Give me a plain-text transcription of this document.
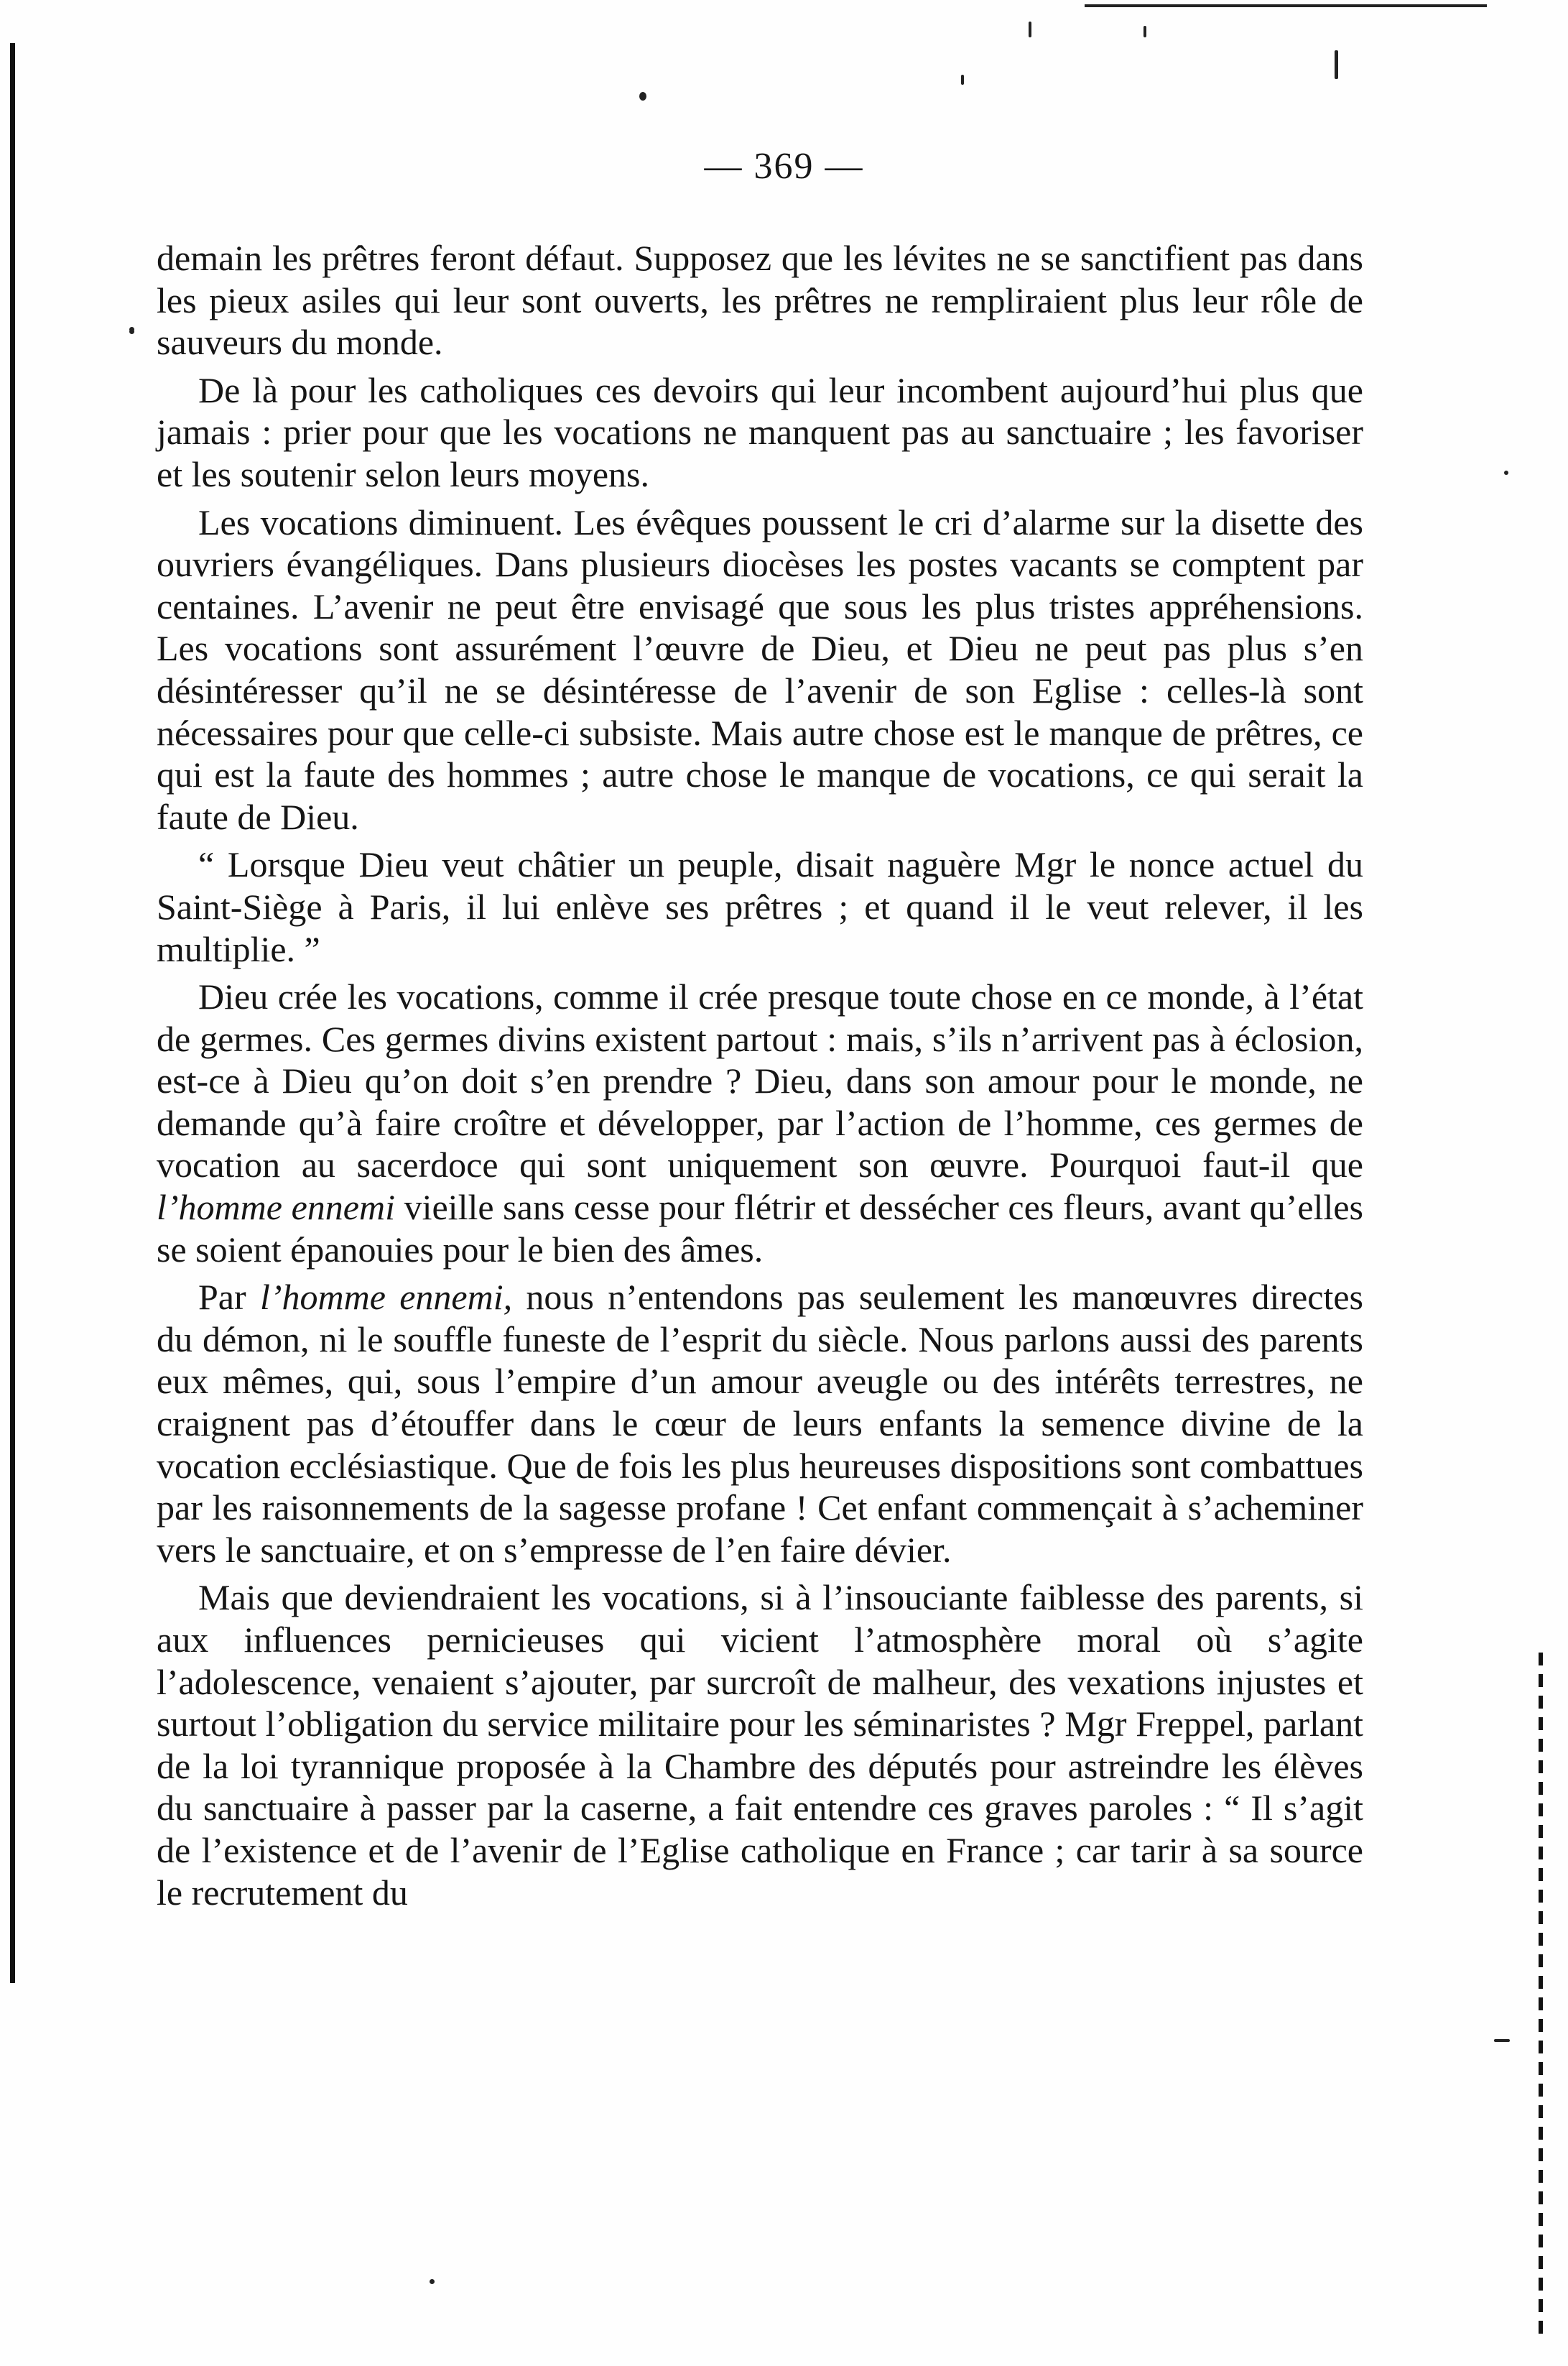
— 369 —

demain les prêtres feront défaut. Supposez que les lévites ne se sanctifient pas dans les pieux asiles qui leur sont ouverts, les prêtres ne rempliraient plus leur rôle de sauveurs du monde.

De là pour les catholiques ces devoirs qui leur incombent aujourd’hui plus que jamais : prier pour que les vocations ne manquent pas au sanctuaire ; les favoriser et les soutenir selon leurs moyens.

Les vocations diminuent. Les évêques poussent le cri d’alarme sur la disette des ouvriers évangéliques. Dans plusieurs diocèses les postes vacants se comptent par centaines. L’avenir ne peut être envisagé que sous les plus tristes appréhensions. Les vocations sont assurément l’œuvre de Dieu, et Dieu ne peut pas plus s’en désintéresser qu’il ne se désintéresse de l’avenir de son Eglise : celles-là sont nécessaires pour que celle-ci subsiste. Mais autre chose est le manque de prêtres, ce qui est la faute des hommes ; autre chose le manque de vocations, ce qui serait la faute de Dieu.

“ Lorsque Dieu veut châtier un peuple, disait naguère Mgr le nonce actuel du Saint-Siège à Paris, il lui enlève ses prêtres ; et quand il le veut relever, il les multiplie. ”

Dieu crée les vocations, comme il crée presque toute chose en ce monde, à l’état de germes. Ces germes divins existent partout : mais, s’ils n’arrivent pas à éclosion, est-ce à Dieu qu’on doit s’en prendre ? Dieu, dans son amour pour le monde, ne demande qu’à faire croître et développer, par l’action de l’homme, ces germes de vocation au sacerdoce qui sont uniquement son œuvre. Pourquoi faut-il que l’homme ennemi vieille sans cesse pour flétrir et dessécher ces fleurs, avant qu’elles se soient épanouies pour le bien des âmes.

Par l’homme ennemi, nous n’entendons pas seulement les manœuvres directes du démon, ni le souffle funeste de l’esprit du siècle. Nous parlons aussi des parents eux mêmes, qui, sous l’empire d’un amour aveugle ou des intérêts terrestres, ne craignent pas d’étouffer dans le cœur de leurs enfants la semence divine de la vocation ecclésiastique. Que de fois les plus heureuses dispositions sont combattues par les raisonnements de la sagesse profane ! Cet enfant commençait à s’acheminer vers le sanctuaire, et on s’empresse de l’en faire dévier.

Mais que deviendraient les vocations, si à l’insouciante faiblesse des parents, si aux influences pernicieuses qui vicient l’atmosphère moral où s’agite l’adolescence, venaient s’ajouter, par surcroît de malheur, des vexations injustes et surtout l’obligation du service militaire pour les séminaristes ? Mgr Freppel, parlant de la loi tyrannique proposée à la Chambre des députés pour astreindre les élèves du sanctuaire à passer par la caserne, a fait entendre ces graves paroles : “ Il s’agit de l’existence et de l’avenir de l’Eglise catholique en France ; car tarir à sa source le recrutement du
